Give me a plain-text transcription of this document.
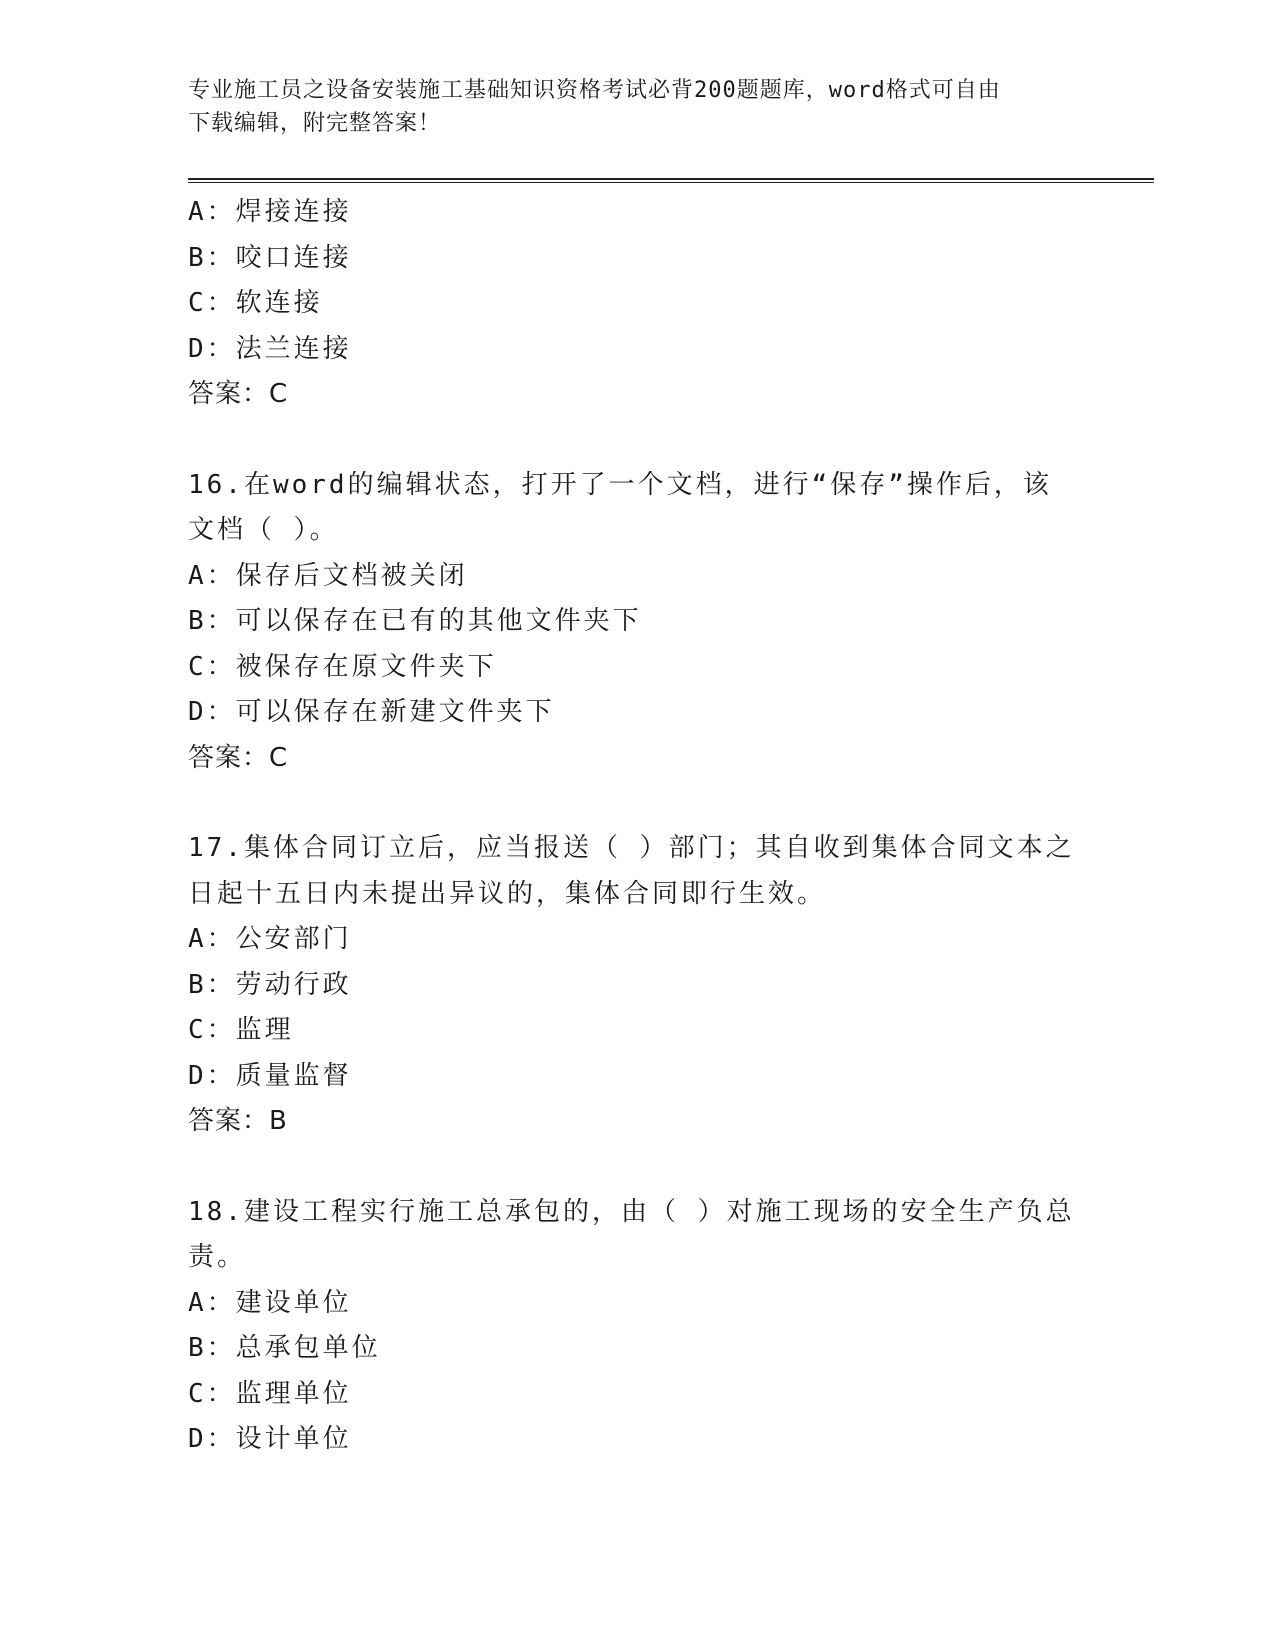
专业施工员之设备安装施工基础知识资格考试必背200题题库，word格式可自由
下载编辑，附完整答案！
A：焊接连接
B：咬口连接
C：软连接
D：法兰连接
答案：C
16.在word的编辑状态，打开了一个文档，进行“保存”操作后，该
文档（ ）。
A：保存后文档被关闭
B：可以保存在已有的其他文件夹下
C：被保存在原文件夹下
D：可以保存在新建文件夹下
答案：C
17.集体合同订立后，应当报送（ ）部门；其自收到集体合同文本之
日起十五日内未提出异议的，集体合同即行生效。
A：公安部门
B：劳动行政
C：监理
D：质量监督
答案：B
18.建设工程实行施工总承包的，由（ ）对施工现场的安全生产负总
责。
A：建设单位
B：总承包单位
C：监理单位
D：设计单位
